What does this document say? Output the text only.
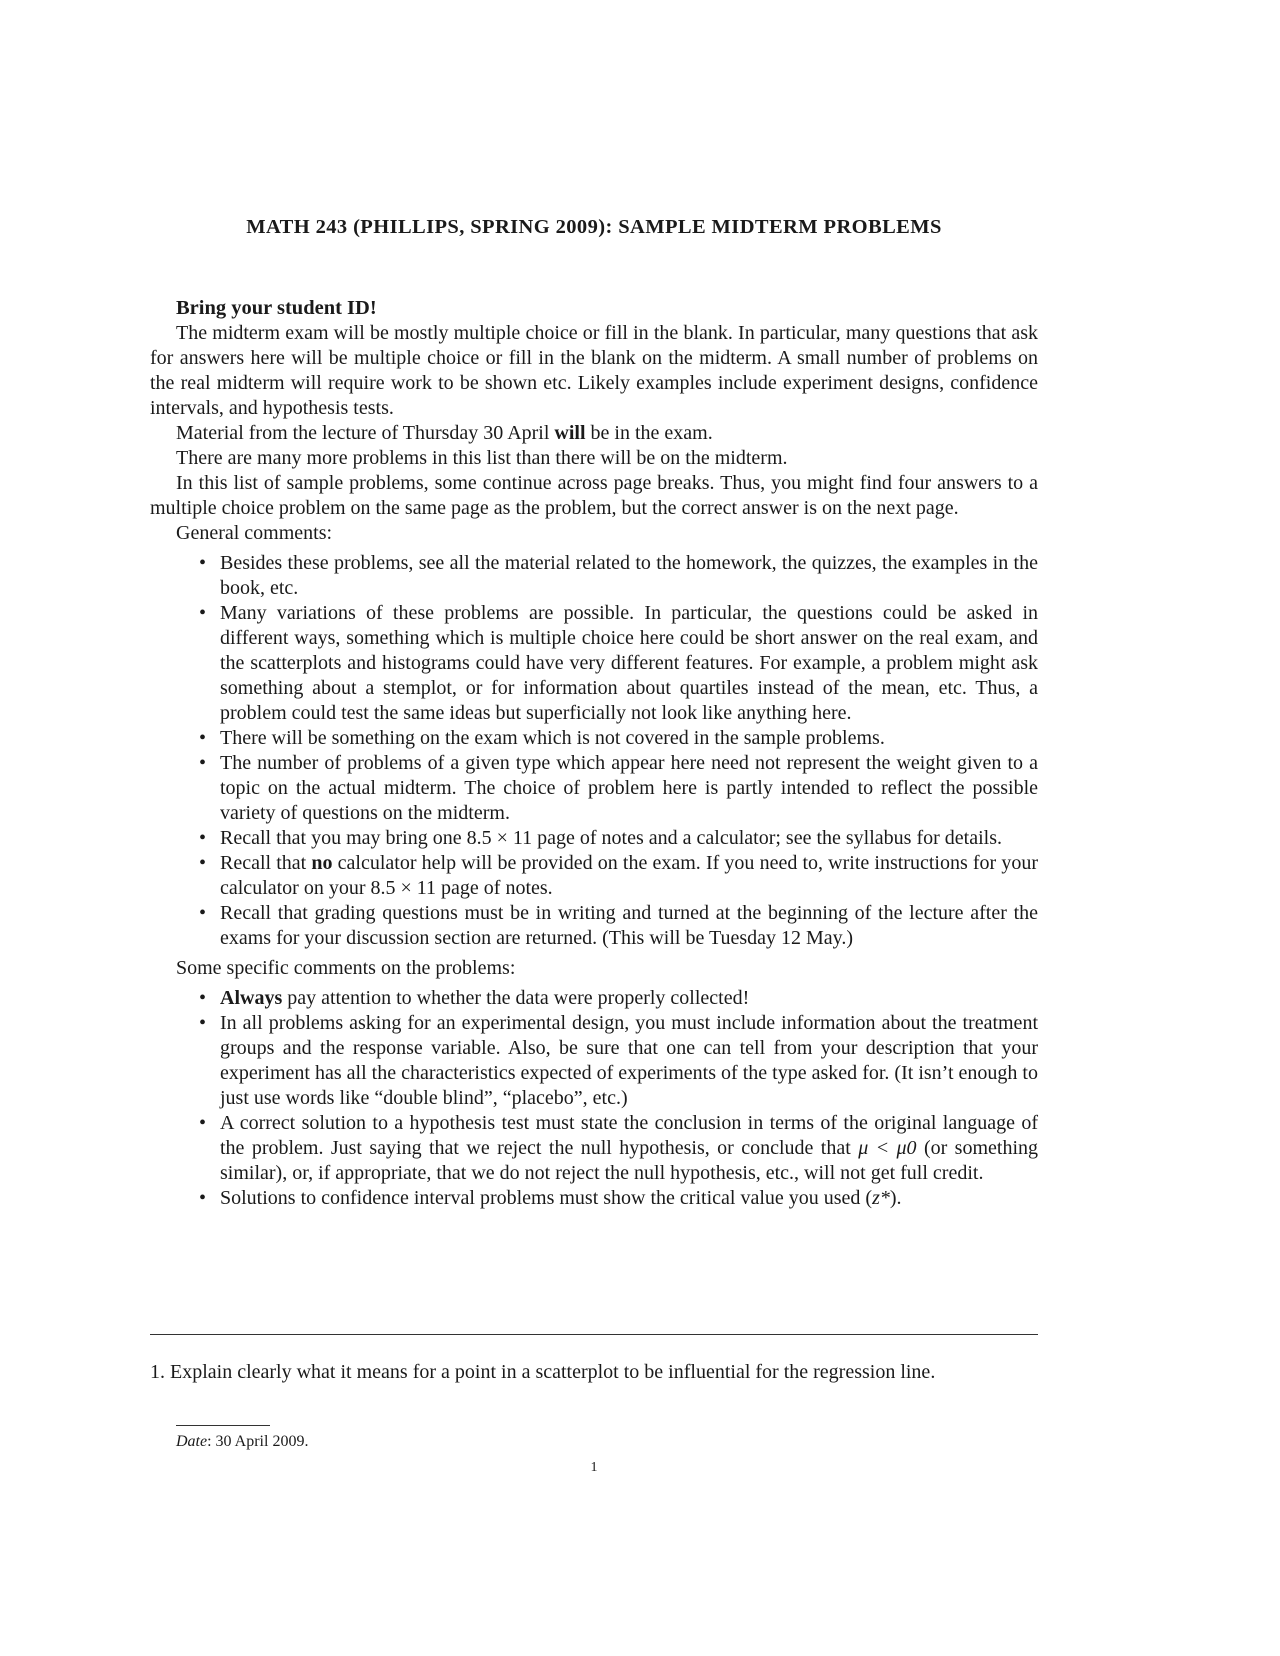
MATH 243 (PHILLIPS, SPRING 2009): SAMPLE MIDTERM PROBLEMS

Bring your student ID!

The midterm exam will be mostly multiple choice or fill in the blank. In particular, many questions that ask for answers here will be multiple choice or fill in the blank on the midterm. A small number of problems on the real midterm will require work to be shown etc. Likely examples include experiment designs, confidence intervals, and hypothesis tests.

Material from the lecture of Thursday 30 April will be in the exam.

There are many more problems in this list than there will be on the midterm.

In this list of sample problems, some continue across page breaks. Thus, you might find four answers to a multiple choice problem on the same page as the problem, but the correct answer is on the next page.

General comments:

• Besides these problems, see all the material related to the homework, the quizzes, the examples in the book, etc.
• Many variations of these problems are possible. In particular, the questions could be asked in different ways, something which is multiple choice here could be short answer on the real exam, and the scatterplots and histograms could have very different features. For example, a problem might ask something about a stemplot, or for information about quartiles instead of the mean, etc. Thus, a problem could test the same ideas but superficially not look like anything here.
• There will be something on the exam which is not covered in the sample problems.
• The number of problems of a given type which appear here need not represent the weight given to a topic on the actual midterm. The choice of problem here is partly intended to reflect the possible variety of questions on the midterm.
• Recall that you may bring one 8.5 × 11 page of notes and a calculator; see the syllabus for details.
• Recall that no calculator help will be provided on the exam. If you need to, write instructions for your calculator on your 8.5 × 11 page of notes.
• Recall that grading questions must be in writing and turned at the beginning of the lecture after the exams for your discussion section are returned. (This will be Tuesday 12 May.)

Some specific comments on the problems:

• Always pay attention to whether the data were properly collected!
• In all problems asking for an experimental design, you must include information about the treatment groups and the response variable. Also, be sure that one can tell from your description that your experiment has all the characteristics expected of experiments of the type asked for. (It isn’t enough to just use words like “double blind”, “placebo”, etc.)
• A correct solution to a hypothesis test must state the conclusion in terms of the original language of the problem. Just saying that we reject the null hypothesis, or conclude that μ < μ0 (or something similar), or, if appropriate, that we do not reject the null hypothesis, etc., will not get full credit.
• Solutions to confidence interval problems must show the critical value you used (z*).

1. Explain clearly what it means for a point in a scatterplot to be influential for the regression line.

Date: 30 April 2009.

1
